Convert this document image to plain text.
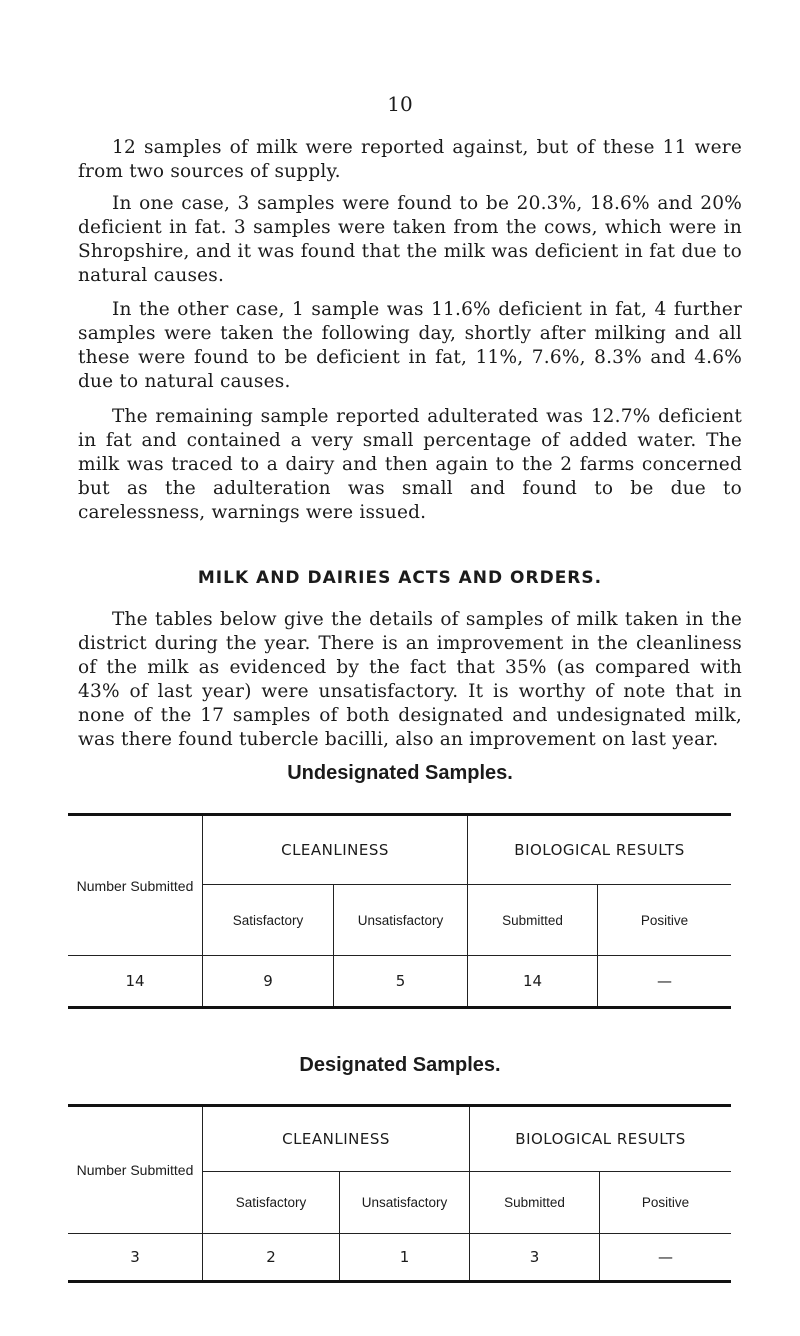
10

12 samples of milk were reported against, but of these 11 were from two sources of supply.

In one case, 3 samples were found to be 20.3%, 18.6% and 20% deficient in fat. 3 samples were taken from the cows, which were in Shropshire, and it was found that the milk was deficient in fat due to natural causes.

In the other case, 1 sample was 11.6% deficient in fat, 4 further samples were taken the following day, shortly after milking and all these were found to be deficient in fat, 11%, 7.6%, 8.3% and 4.6% due to natural causes.

The remaining sample reported adulterated was 12.7% deficient in fat and contained a very small percentage of added water. The milk was traced to a dairy and then again to the 2 farms concerned but as the adulteration was small and found to be due to carelessness, warnings were issued.

MILK AND DAIRIES ACTS AND ORDERS.

The tables below give the details of samples of milk taken in the district during the year. There is an improvement in the cleanliness of the milk as evidenced by the fact that 35% (as compared with 43% of last year) were unsatisfactory. It is worthy of note that in none of the 17 samples of both designated and undesignated milk, was there found tubercle bacilli, also an improvement on last year.

Undesignated Samples.
Number Submitted	CLEANLINESS		BIOLOGICAL RESULTS	
	Satisfactory	Unsatisfactory	Submitted	Positive
14	9	5	14	—
Designated Samples.
Number Submitted	CLEANLINESS		BIOLOGICAL RESULTS	
	Satisfactory	Unsatisfactory	Submitted	Positive
3	2	1	3	—
